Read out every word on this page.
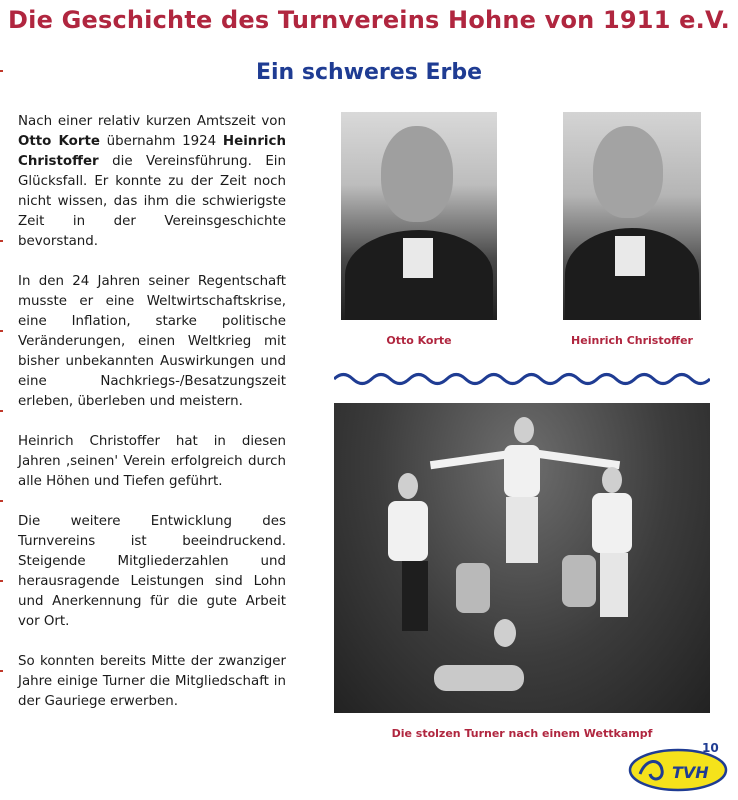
Die Geschichte des Turnvereins Hohne von 1911 e.V.
Ein schweres Erbe

Nach einer relativ kurzen Amtszeit von Otto Korte übernahm 1924 Heinrich Christoffer die Vereinsführung. Ein Glücksfall. Er konnte zu der Zeit noch nicht wissen, das ihm die schwierigste Zeit in der Vereinsgeschichte bevorstand.

In den 24 Jahren seiner Regentschaft musste er eine Weltwirtschaftskrise, eine Inflation, starke politische Veränderungen, einen Weltkrieg mit bisher unbekannten Auswirkungen und eine Nachkriegs-/Besatzungszeit erleben, überleben und meistern.

Heinrich Christoffer hat in diesen Jahren ‚seinen' Verein erfolgreich durch alle Höhen und Tiefen geführt.

Die weitere Entwicklung des Turnvereins ist beeindruckend. Steigende Mitgliederzahlen und herausragende Leistungen sind Lohn und Anerkennung für die gute Arbeit vor Ort.

So konnten bereits Mitte der zwanziger Jahre einige Turner die Mitgliedschaft in der Gauriege erwerben.

Otto Korte	Heinrich Christoffer
Die stolzen Turner nach einem Wettkampf
TVH
10
